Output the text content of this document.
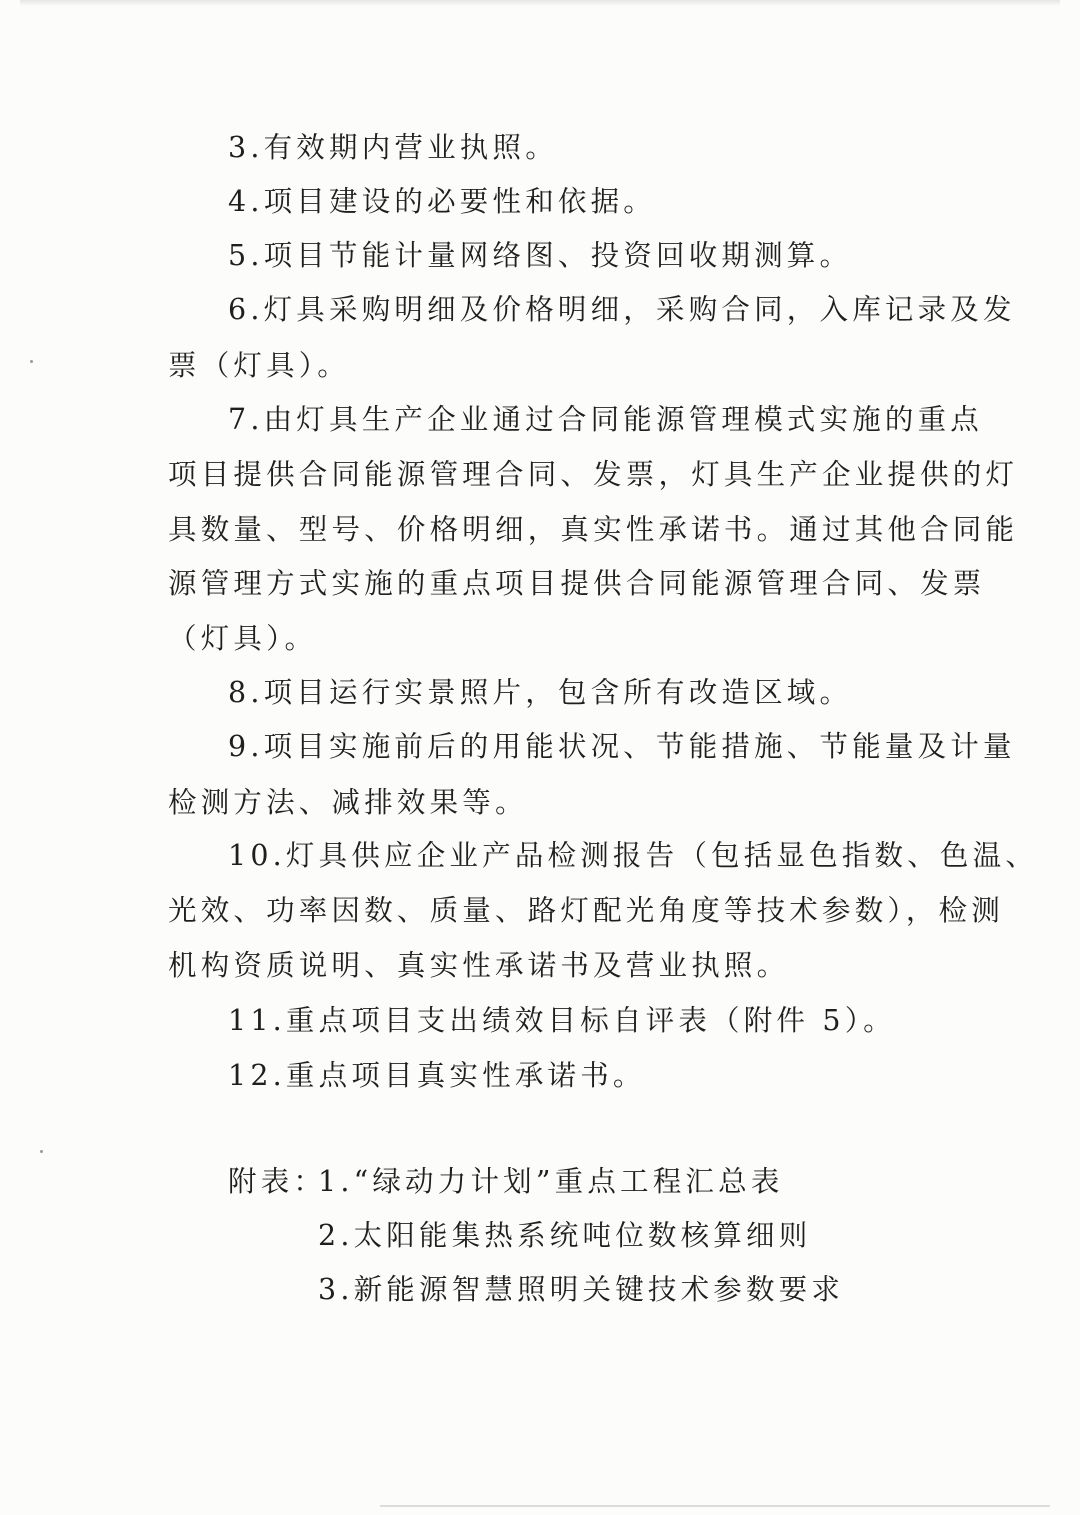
3.有效期内营业执照。
4.项目建设的必要性和依据。
5.项目节能计量网络图、投资回收期测算。
6.灯具采购明细及价格明细，采购合同，入库记录及发
票（灯具）。
7.由灯具生产企业通过合同能源管理模式实施的重点
项目提供合同能源管理合同、发票，灯具生产企业提供的灯
具数量、型号、价格明细，真实性承诺书。通过其他合同能
源管理方式实施的重点项目提供合同能源管理合同、发票
（灯具）。
8.项目运行实景照片，包含所有改造区域。
9.项目实施前后的用能状况、节能措施、节能量及计量
检测方法、减排效果等。
10.灯具供应企业产品检测报告（包括显色指数、色温、
光效、功率因数、质量、路灯配光角度等技术参数），检测
机构资质说明、真实性承诺书及营业执照。
11.重点项目支出绩效目标自评表（附件 5）。
12.重点项目真实性承诺书。
附表：
1.“绿动力计划”重点工程汇总表
2.太阳能集热系统吨位数核算细则
3.新能源智慧照明关键技术参数要求
